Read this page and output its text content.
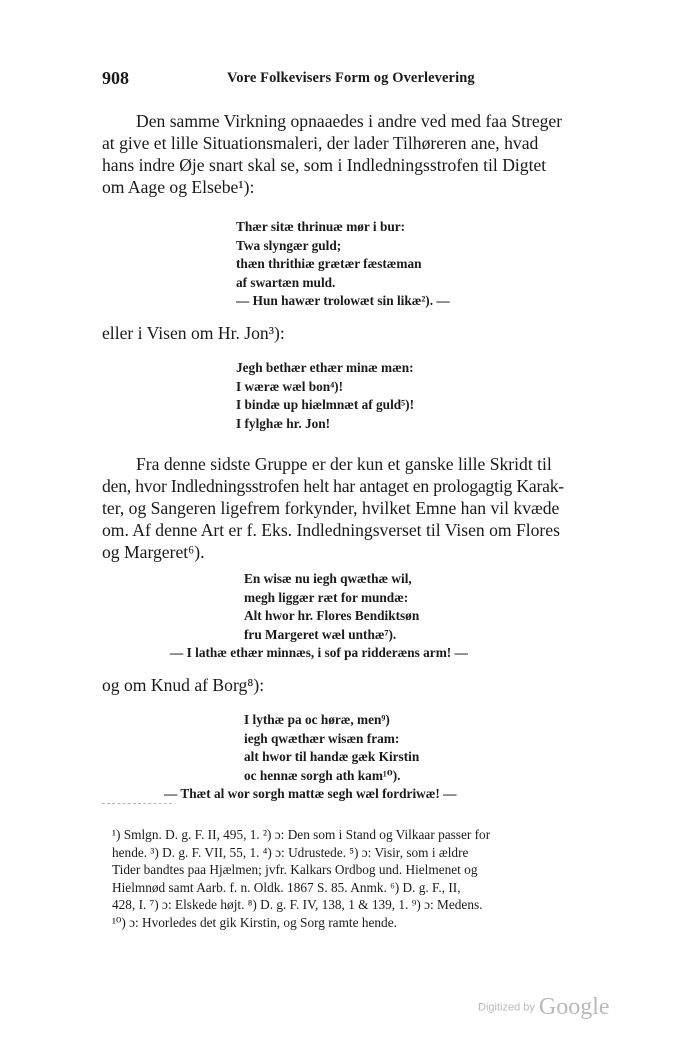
908	Vore Folkevisers Form og Overlevering

Den samme Virkning opnaaedes i andre ved med faa Streger
at give et lille Situationsmaleri, der lader Tilhøreren ane, hvad
hans indre Øje snart skal se, som i Indledningsstrofen til Digtet
om Aage og Elsebe¹):

Thær sitæ thrinuæ mør i bur:
Twa slyngær guld;
thæn thrithiæ grætær fæstæman
af swartæn muld.
— Hun hawær trolowæt sin likæ²). —

eller i Visen om Hr. Jon³):

Jegh bethær ethær minæ mæn:
I wæræ wæl bon⁴)!
I bindæ up hiælmnæt af guld⁵)!
I fylghæ hr. Jon!

Fra denne sidste Gruppe er der kun et ganske lille Skridt til
den, hvor Indledningsstrofen helt har antaget en prologagtig Karak-
ter, og Sangeren ligefrem forkynder, hvilket Emne han vil kvæde
om. Af denne Art er f. Eks. Indledningsverset til Visen om Flores
og Margeret⁶).

En wisæ nu iegh qwæthæ wil,
megh liggær ræt for mundæ:
Alt hwor hr. Flores Bendiktsøn
fru Margeret wæl unthæ⁷).
— I lathæ ethær minnæs, i sof pa ridderæns arm! —

og om Knud af Borg⁸):

I lythæ pa oc høræ, men⁹)
iegh qwæthær wisæn fram:
alt hwor til handæ gæk Kirstin
oc hennæ sorgh ath kam¹⁰).
— Thæt al wor sorgh mattæ segh wæl fordriwæ! —
¹) Smlgn. D. g. F. II, 495, 1. ²) ɔ: Den som i Stand og Vilkaar passer for
hende. ³) D. g. F. VII, 55, 1. ⁴) ɔ: Udrustede. ⁵) ɔ: Visir, som i ældre
Tider bandtes paa Hjælmen; jvfr. Kalkars Ordbog und. Hielmenet og
Hielmnød samt Aarb. f. n. Oldk. 1867 S. 85. Anmk. ⁶) D. g. F., II,
428, I. ⁷) ɔ: Elskede højt. ⁸) D. g. F. IV, 138, 1 & 139, 1. ⁹) ɔ: Medens.
¹⁰) ɔ: Hvorledes det gik Kirstin, og Sorg ramte hende.
Digitized by Google
